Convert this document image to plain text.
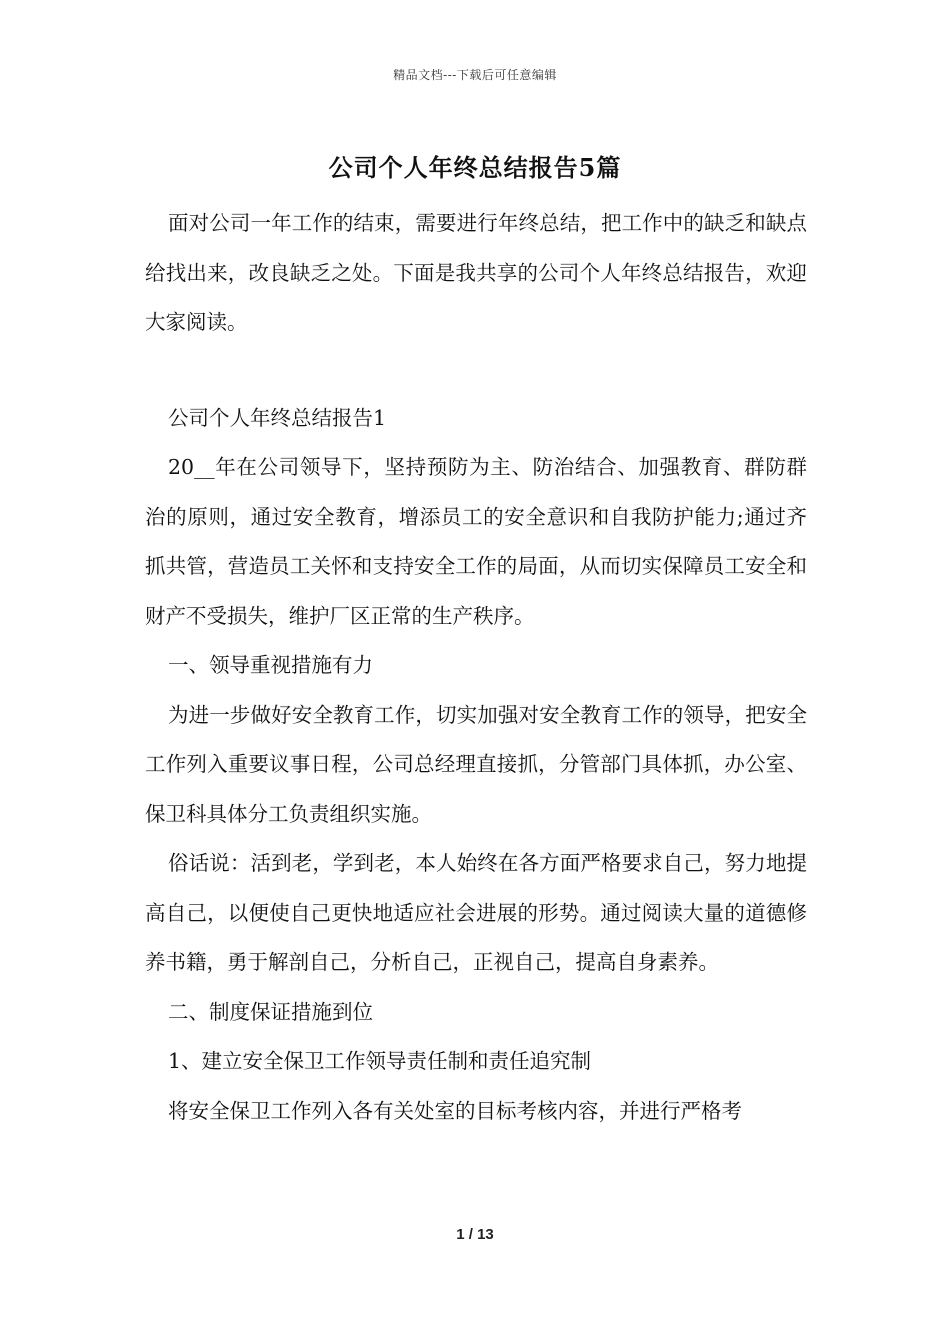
精品文档---下载后可任意编辑
公司个人年终总结报告5篇

面对公司一年工作的结束，需要进行年终总结，把工作中的缺乏和缺点给找出来，改良缺乏之处。下面是我共享的公司个人年终总结报告，欢迎大家阅读。

公司个人年终总结报告1

20__年在公司领导下，坚持预防为主、防治结合、加强教育、群防群治的原则，通过安全教育，增添员工的安全意识和自我防护能力;通过齐抓共管，营造员工关怀和支持安全工作的局面，从而切实保障员工安全和财产不受损失，维护厂区正常的生产秩序。

一、领导重视措施有力

为进一步做好安全教育工作，切实加强对安全教育工作的领导，把安全工作列入重要议事日程，公司总经理直接抓，分管部门具体抓，办公室、保卫科具体分工负责组织实施。

俗话说：活到老，学到老，本人始终在各方面严格要求自己，努力地提高自己，以便使自己更快地适应社会进展的形势。通过阅读大量的道德修养书籍，勇于解剖自己，分析自己，正视自己，提高自身素养。

二、制度保证措施到位

1、建立安全保卫工作领导责任制和责任追究制

将安全保卫工作列入各有关处室的目标考核内容，并进行严格考

1 / 13
